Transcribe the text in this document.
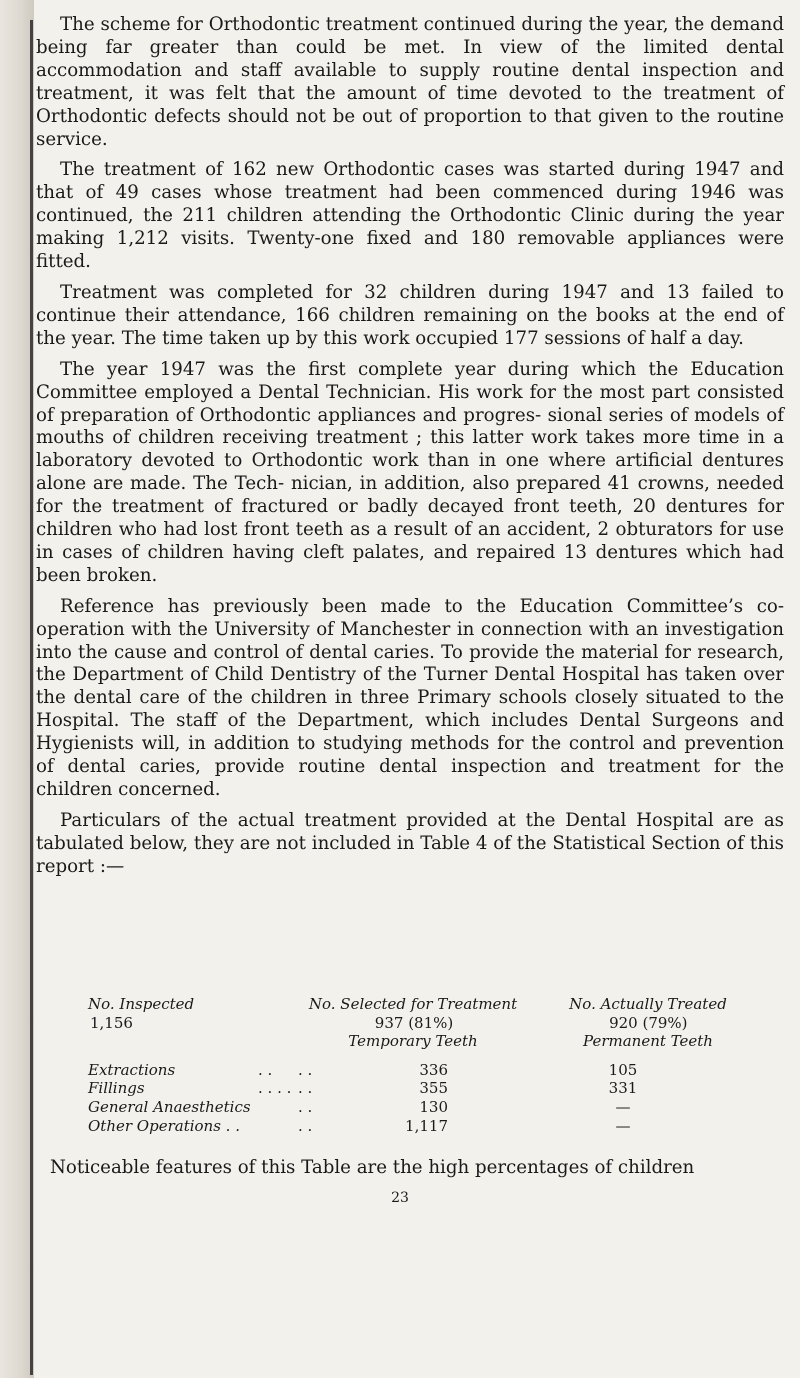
The scheme for Orthodontic treatment continued during the year, the demand being far greater than could be met. In view of the limited dental accommodation and staff available to supply routine dental inspection and treatment, it was felt that the amount of time devoted to the treatment of Orthodontic defects should not be out of proportion to that given to the routine service.

The treatment of 162 new Orthodontic cases was started during 1947 and that of 49 cases whose treatment had been commenced during 1946 was continued, the 211 children attending the Orthodontic Clinic during the year making 1,212 visits. Twenty-one fixed and 180 removable appliances were fitted.

Treatment was completed for 32 children during 1947 and 13 failed to continue their attendance, 166 children remaining on the books at the end of the year. The time taken up by this work occupied 177 sessions of half a day.

The year 1947 was the first complete year during which the Education Committee employed a Dental Technician. His work for the most part consisted of preparation of Orthodontic appliances and progres- sional series of models of mouths of children receiving treatment ; this latter work takes more time in a laboratory devoted to Orthodontic work than in one where artificial dentures alone are made. The Tech- nician, in addition, also prepared 41 crowns, needed for the treatment of fractured or badly decayed front teeth, 20 dentures for children who had lost front teeth as a result of an accident, 2 obturators for use in cases of children having cleft palates, and repaired 13 dentures which had been broken.

Reference has previously been made to the Education Committee’s co-operation with the University of Manchester in connection with an investigation into the cause and control of dental caries. To provide the material for research, the Department of Child Dentistry of the Turner Dental Hospital has taken over the dental care of the children in three Primary schools closely situated to the Hospital. The staff of the Department, which includes Dental Surgeons and Hygienists will, in addition to studying methods for the control and prevention of dental caries, provide routine dental inspection and treatment for the children concerned.

Particulars of the actual treatment provided at the Dental Hospital are as tabulated below, they are not included in Table 4 of the Statistical Section of this report :—

No. Inspected	No. Selected for Treatment	No. Actually Treated
1,156	937 (81%)	920 (79%)
Temporary Teeth	Permanent Teeth
Extractions	. .	. .	336	105
Fillings	. . . . . .	355	331
General Anaesthetics	. .	130	—
Other Operations . .	. .	1,117	—

Noticeable features of this Table are the high percentages of children

23
